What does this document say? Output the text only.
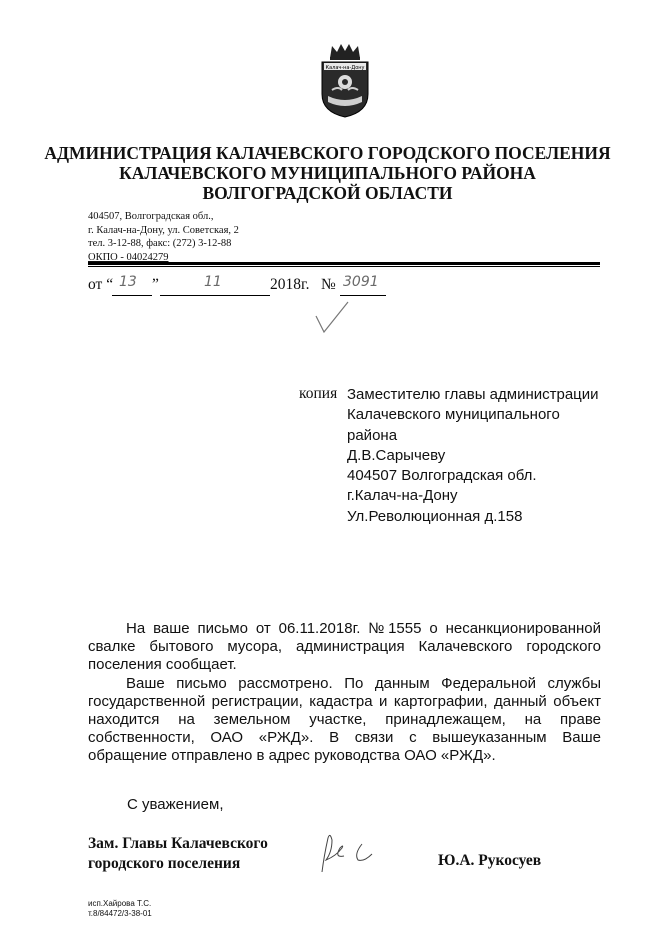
Калач-на-Дону
АДМИНИСТРАЦИЯ КАЛАЧЕВСКОГО ГОРОДСКОГО ПОСЕЛЕНИЯ
КАЛАЧЕВСКОГО МУНИЦИПАЛЬНОГО РАЙОНА
ВОЛГОГРАДСКОЙ ОБЛАСТИ
404507, Волгоградская обл.,
г. Калач-на-Дону, ул. Советская, 2
тел. 3-12-88, факс: (272) 3-12-88
ОКПО - 04024279
от “ 13 ”	11	2018г. № 3091
копия Заместителю главы администрации
Калачевского муниципального
района
Д.В.Сарычеву
404507 Волгоградская обл.
г.Калач-на-Дону
Ул.Революционная д.158

На ваше письмо от 06.11.2018г. №1555 о несанкционированной свалке бытового мусора, администрация Калачевского городского поселения сообщает.

Ваше письмо рассмотрено. По данным Федеральной службы государственной регистрации, кадастра и картографии, данный объект находится на земельном участке, принадлежащем, на праве собственности, ОАО «РЖД». В связи с вышеуказанным Ваше обращение отправлено в адрес руководства ОАО «РЖД».

С уважением,
Зам. Главы Калачевского
городского поселения	Ю.А. Рукосуев
исп.Хайрова Т.С.
т.8/84472/3-38-01
